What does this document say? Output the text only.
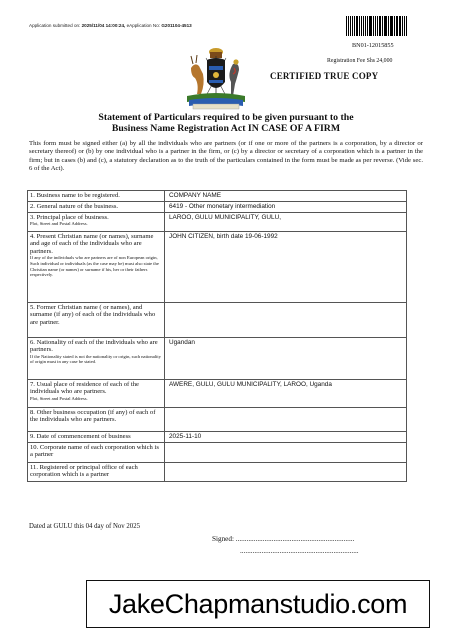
Application submitted on: 2025/11/04 14:00:24, eApplication No: G201104-4513
BN01-12015855
Registration Fee Shs 24,000
CERTIFIED TRUE COPY
Statement of Particulars required to be given pursuant to the
Business Name Registration Act IN CASE OF A FIRM
This form must be signed either (a) by all the individuals who are partners (or if one or more of the partners is a corporation, by a director or secretary thereof) or (b) by one individual who is a partner in the firm, or (c) by a director or secretary of a corporation which is a partner in the firm; but in cases (b) and (c), a statutory declaration as to the truth of the particulars contained in the form must be made as per reverse. (Vide sec. 6 of the Act).
1. Business name to be registered.	COMPANY NAME
2. General nature of the business.	6419 - Other monetary intermediation
3. Principal place of business.
Plot, Street and Postal Address.	LAROO, GULU MUNICIPALITY, GULU,
4. Present Christian name (or names), surname and age of each of the individuals who are partners.
If any of the individuals who are partners are of non European origin, Such individual or individuals (as the case may be) must also state the Christian name (or names) or surname if his, her or their fathers respectively.	JOHN CITIZEN, birth date 19-06-1992
5. Former Christian name ( or names), and surname (if any) of each of the individuals who are partner.	
6. Nationality of each of the individuals who are partners.
If the Nationality stated is not the nationality or origin, such nationality of origin must in any case be stated.	Ugandan
7. Usual place of residence of each of the individuals who are partners.
Plot, Street and Postal Address.	AWERE, GULU, GULU MUNICIPALITY, LAROO, Uganda
8. Other business occupation (if any) of each of the individuals who are partners.	
9. Date of commencement of business	2025-11-10
10. Corporate name of each corporation which is a partner	
11. Registered or principal office of each corporation which is a partner	
Dated at GULU this 04 day of Nov 2025
Signed: ..................................................................
..................................................................
JakeChapmanstudio.com
